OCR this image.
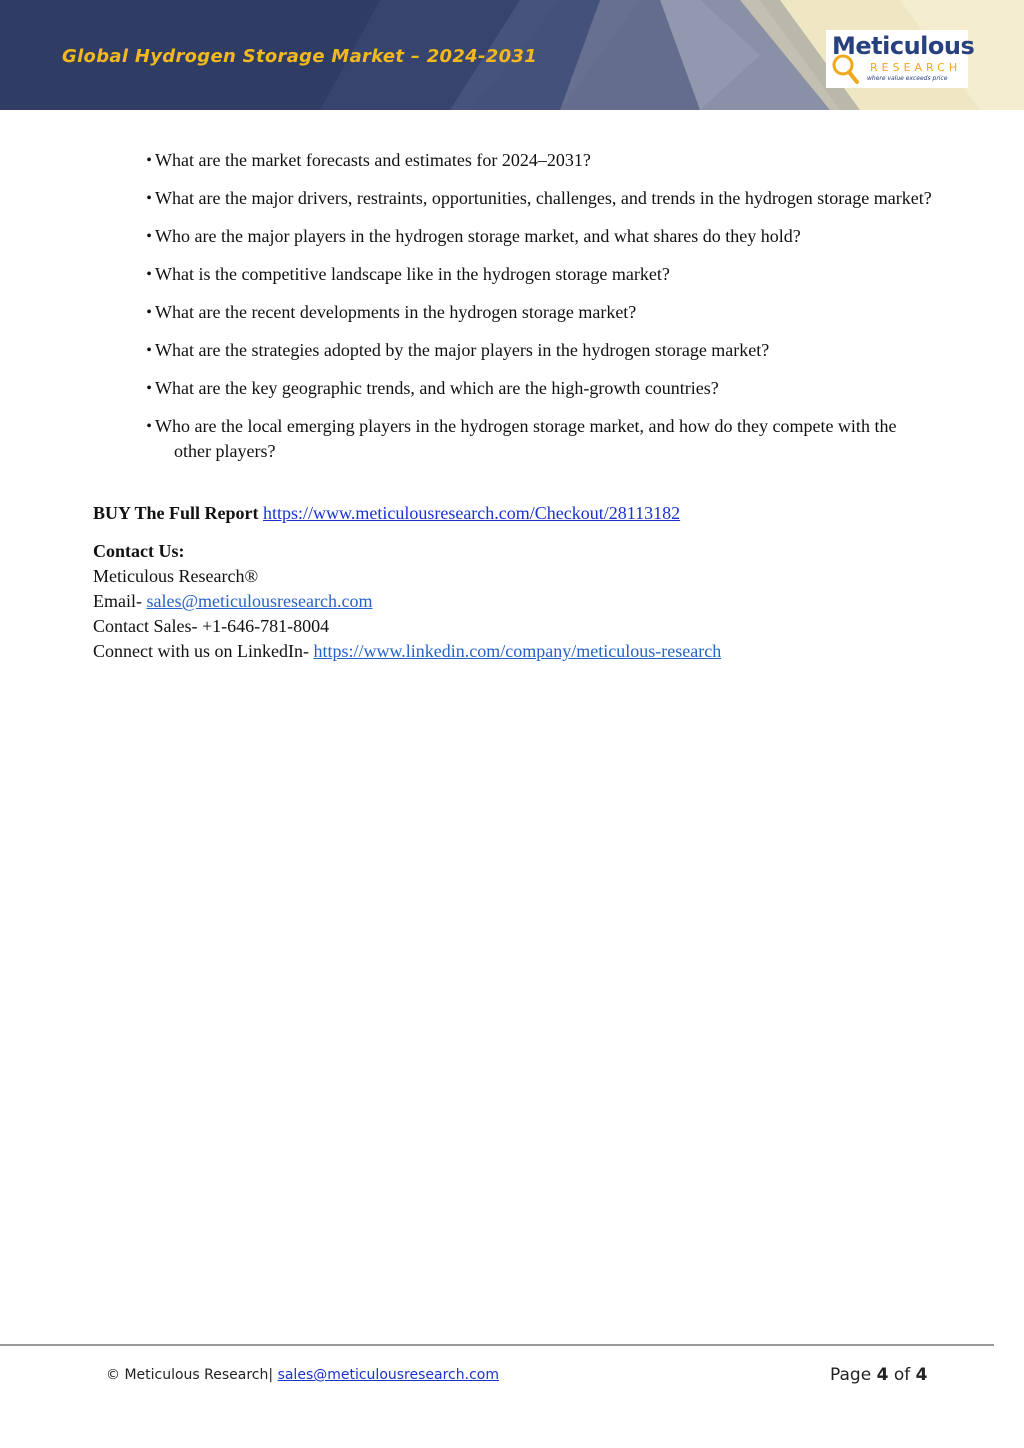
Global Hydrogen Storage Market – 2024-2031	Meticulous
RESEARCH
where value exceeds price
• What are the market forecasts and estimates for 2024–2031?
• What are the major drivers, restraints, opportunities, challenges, and trends in the hydrogen storage market?
• Who are the major players in the hydrogen storage market, and what shares do they hold?
• What is the competitive landscape like in the hydrogen storage market?
• What are the recent developments in the hydrogen storage market?
• What are the strategies adopted by the major players in the hydrogen storage market?
• What are the key geographic trends, and which are the high-growth countries?
• Who are the local emerging players in the hydrogen storage market, and how do they compete with the other players?
BUY The Full Report https://www.meticulousresearch.com/Checkout/28113182
Contact Us:
Meticulous Research®
Email- sales@meticulousresearch.com
Contact Sales- +1-646-781-8004
Connect with us on LinkedIn- https://www.linkedin.com/company/meticulous-research
© Meticulous Research| sales@meticulousresearch.com	Page 4 of 4
